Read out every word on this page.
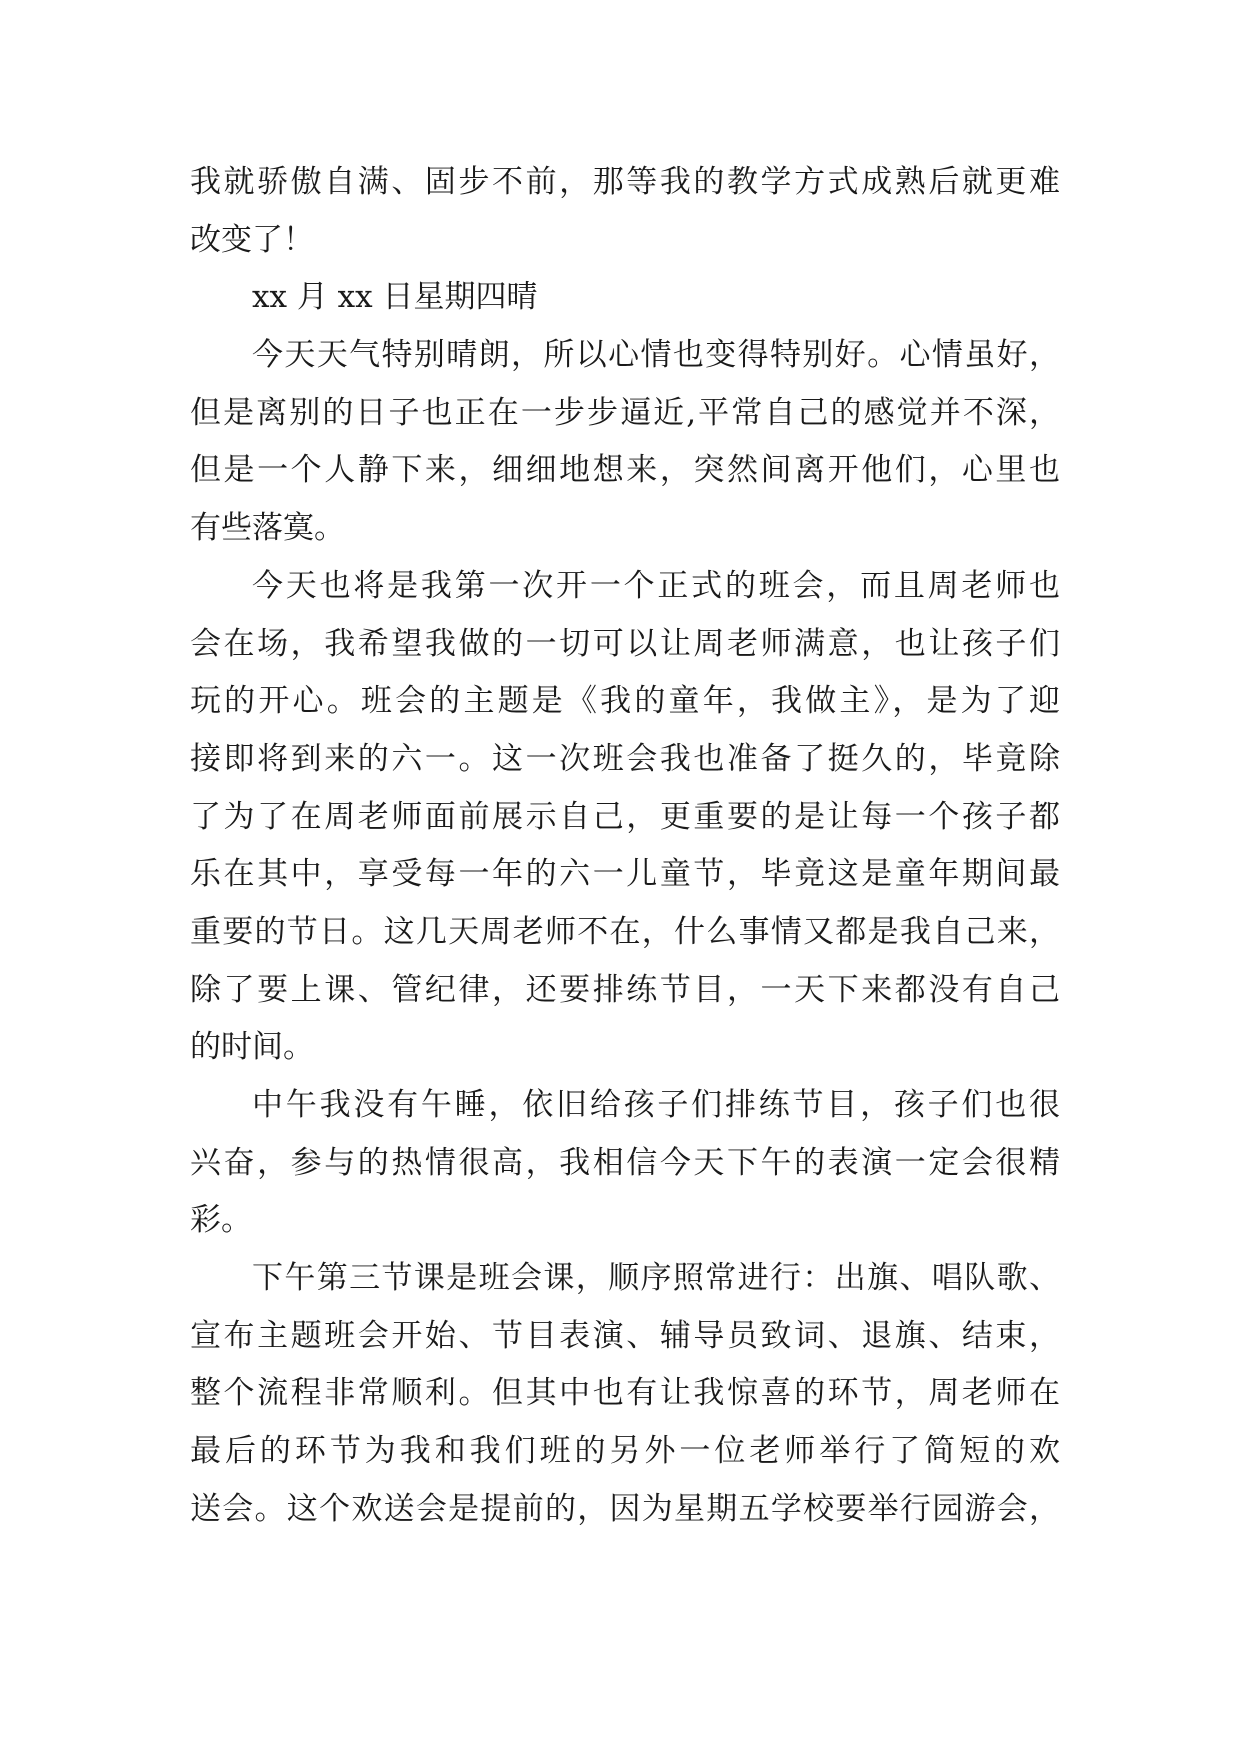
我就骄傲自满、固步不前，那等我的教学方式成熟后就更难
改变了！
xx 月 xx 日星期四晴
今天天气特别晴朗，所以心情也变得特别好。心情虽好，
但是离别的日子也正在一步步逼近,平常自己的感觉并不深，
但是一个人静下来，细细地想来，突然间离开他们，心里也
有些落寞。
今天也将是我第一次开一个正式的班会，而且周老师也
会在场，我希望我做的一切可以让周老师满意，也让孩子们
玩的开心。班会的主题是《我的童年，我做主》，是为了迎
接即将到来的六一。这一次班会我也准备了挺久的，毕竟除
了为了在周老师面前展示自己，更重要的是让每一个孩子都
乐在其中，享受每一年的六一儿童节，毕竟这是童年期间最
重要的节日。这几天周老师不在，什么事情又都是我自己来，
除了要上课、管纪律，还要排练节目，一天下来都没有自己
的时间。
中午我没有午睡，依旧给孩子们排练节目，孩子们也很
兴奋，参与的热情很高，我相信今天下午的表演一定会很精
彩。
下午第三节课是班会课，顺序照常进行：出旗、唱队歌、
宣布主题班会开始、节目表演、辅导员致词、退旗、结束，
整个流程非常顺利。但其中也有让我惊喜的环节，周老师在
最后的环节为我和我们班的另外一位老师举行了简短的欢
送会。这个欢送会是提前的，因为星期五学校要举行园游会，
